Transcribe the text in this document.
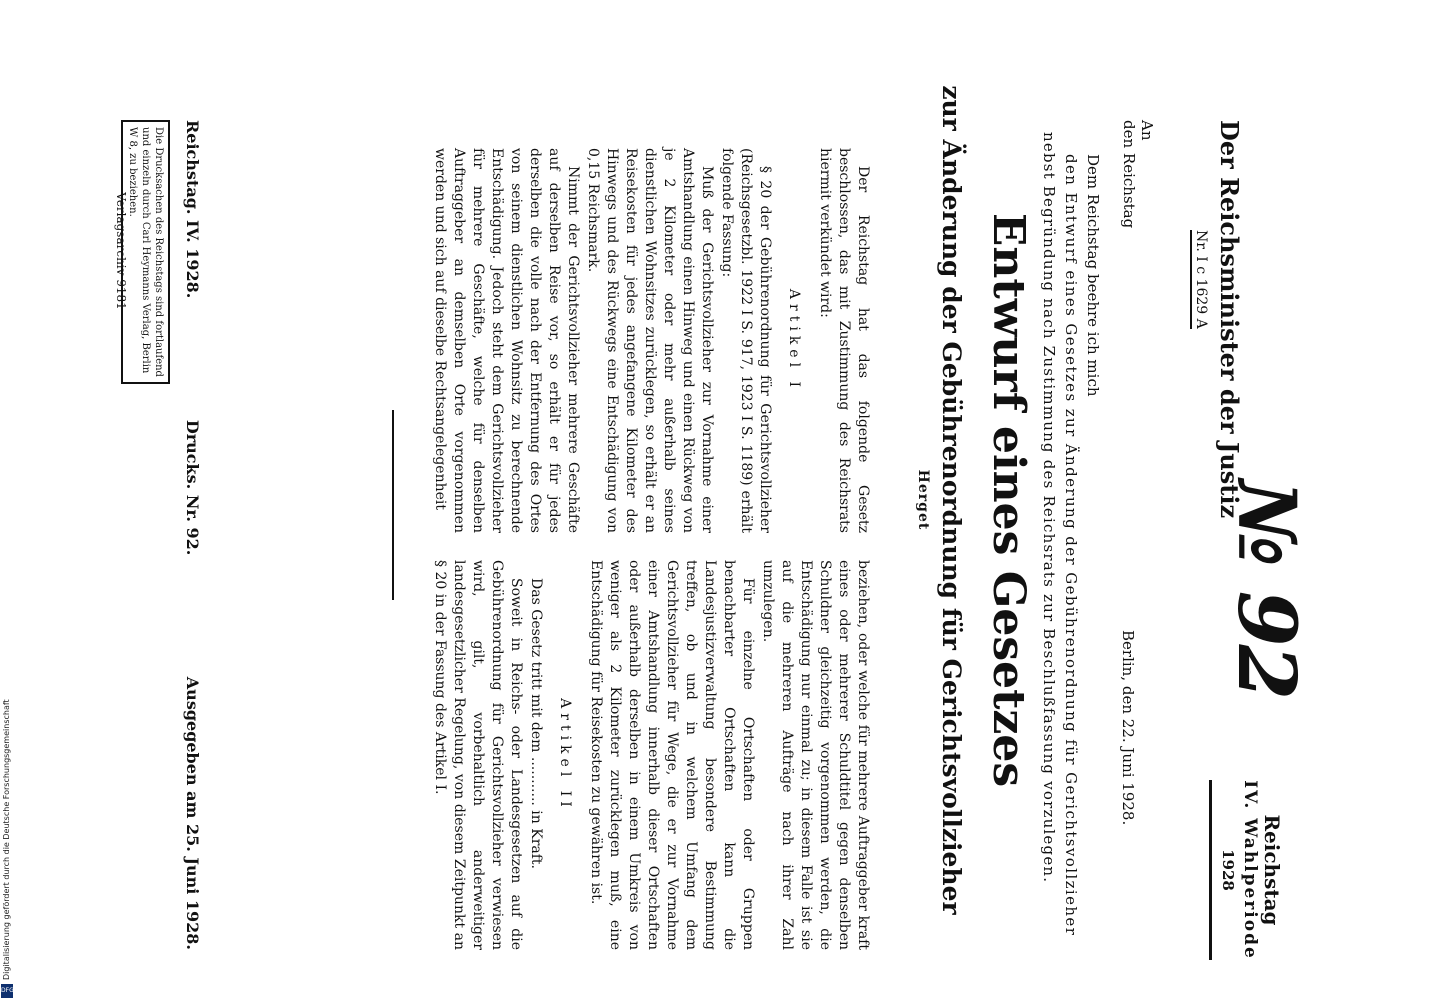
№ 92
Reichstag
IV. Wahlperiode
1928
Der Reichsminister der Justiz
Nr. I c 1629 A
Berlin, den 22. Juni 1928.
An
den Reichstag

Dem Reichstag beehre ich mich

den Entwurf eines Gesetzes zur Änderung der Gebührenordnung für Gerichtsvollzieher

nebst Begründung nach Zustimmung des Reichsrats zur Beschlußfassung vorzulegen.

Entwurf eines Gesetzes
zur Änderung der Gebührenordnung für Gerichtsvollzieher
Herget

Der Reichstag hat das folgende Gesetz beschlossen, das mit Zustimmung des Reichsrats hiermit verkündet wird:

Artikel I

§ 20 der Gebührenordnung für Gerichtsvollzieher (Reichsgesetzbl. 1922 I S. 917, 1923 I S. 1189) erhält folgende Fassung:

Muß der Gerichtsvollzieher zur Vornahme einer Amtshandlung einen Hinweg und einen Rückweg von je 2 Kilometer oder mehr außerhalb seines dienstlichen Wohnsitzes zurücklegen, so erhält er an Reisekosten für jedes angefangene Kilometer des Hinwegs und des Rückwegs eine Entschädigung von 0,15 Reichsmark.

Nimmt der Gerichtsvollzieher mehrere Geschäfte auf derselben Reise vor, so erhält er für jedes derselben die volle nach der Entfernung des Ortes von seinem dienstlichen Wohnsitz zu berechnende Entschädigung. Jedoch steht dem Gerichtsvollzieher für mehrere Geschäfte, welche für denselben Auftraggeber an demselben Orte vorgenommen werden und sich auf dieselbe Rechtsangelegenheit

beziehen, oder welche für mehrere Auftraggeber kraft eines oder mehrerer Schuldtitel gegen denselben Schuldner gleichzeitig vorgenommen werden, die Entschädigung nur einmal zu; in diesem Falle ist sie auf die mehreren Aufträge nach ihrer Zahl umzulegen.

Für einzelne Ortschaften oder Gruppen benachbarter Ortschaften kann die Landesjustizverwaltung besondere Bestimmung treffen, ob und in welchem Umfang dem Gerichtsvollzieher für Wege, die er zur Vornahme einer Amtshandlung innerhalb dieser Ortschaften oder außerhalb derselben in einem Umkreis von weniger als 2 Kilometer zurücklegen muß, eine Entschädigung für Reisekosten zu gewähren ist.

Artikel II

Das Gesetz tritt mit dem ........... in Kraft.

Soweit in Reichs- oder Landesgesetzen auf die Gebührenordnung für Gerichtsvollzieher verwiesen wird, gilt, vorbehaltlich anderweitiger landesgesetzlicher Regelung, von diesem Zeitpunkt an § 20 in der Fassung des Artikel I.

Reichstag. IV. 1928.
Drucks. Nr. 92.
Ausgegeben am 25. Juni 1928.
Die Drucksachen des Reichstags sind fortlaufend und einzeln durch Carl Heymanns Verlag, Berlin W 8, zu beziehen.
Verlagsarchiv 9181
Digitalisierung gefördert durch die Deutsche Forschungsgemeinschaft
DFG
